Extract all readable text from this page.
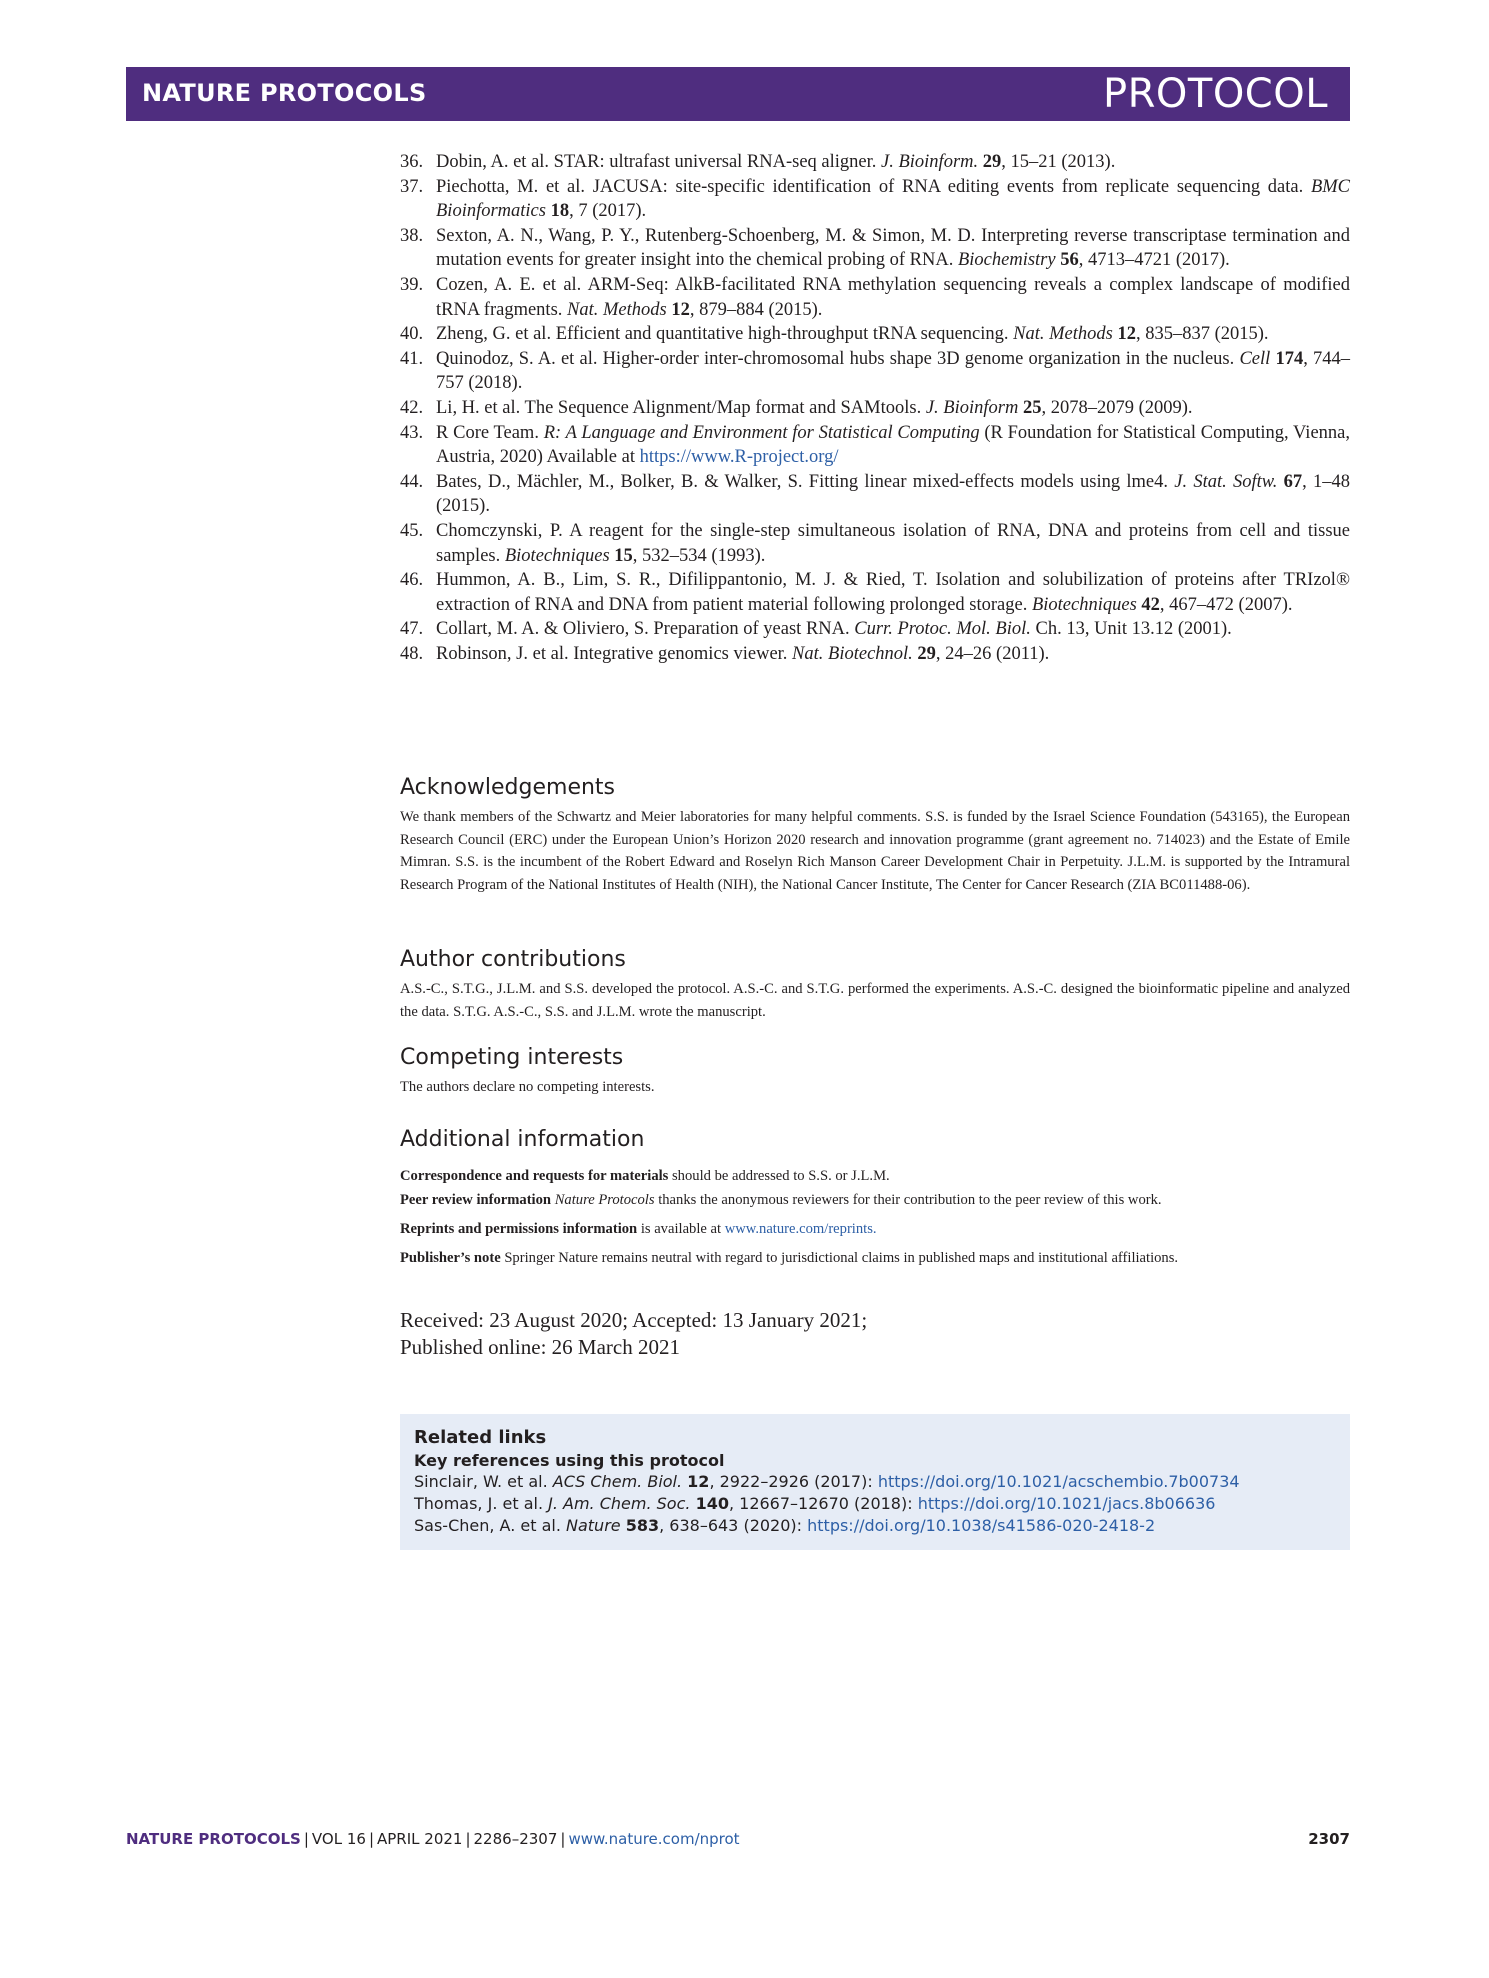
NATURE PROTOCOLS	PROTOCOL
36. Dobin, A. et al. STAR: ultrafast universal RNA-seq aligner. J. Bioinform. 29, 15–21 (2013).
37. Piechotta, M. et al. JACUSA: site-specific identification of RNA editing events from replicate sequencing data. BMC Bioinformatics 18, 7 (2017).
38. Sexton, A. N., Wang, P. Y., Rutenberg-Schoenberg, M. & Simon, M. D. Interpreting reverse transcriptase termination and mutation events for greater insight into the chemical probing of RNA. Biochemistry 56, 4713–4721 (2017).
39. Cozen, A. E. et al. ARM-Seq: AlkB-facilitated RNA methylation sequencing reveals a complex landscape of modified tRNA fragments. Nat. Methods 12, 879–884 (2015).
40. Zheng, G. et al. Efficient and quantitative high-throughput tRNA sequencing. Nat. Methods 12, 835–837 (2015).
41. Quinodoz, S. A. et al. Higher-order inter-chromosomal hubs shape 3D genome organization in the nucleus. Cell 174, 744–757 (2018).
42. Li, H. et al. The Sequence Alignment/Map format and SAMtools. J. Bioinform 25, 2078–2079 (2009).
43. R Core Team. R: A Language and Environment for Statistical Computing (R Foundation for Statistical Computing, Vienna, Austria, 2020) Available at https://www.R-project.org/
44. Bates, D., Mächler, M., Bolker, B. & Walker, S. Fitting linear mixed-effects models using lme4. J. Stat. Softw. 67, 1–48 (2015).
45. Chomczynski, P. A reagent for the single-step simultaneous isolation of RNA, DNA and proteins from cell and tissue samples. Biotechniques 15, 532–534 (1993).
46. Hummon, A. B., Lim, S. R., Difilippantonio, M. J. & Ried, T. Isolation and solubilization of proteins after TRIzol® extraction of RNA and DNA from patient material following prolonged storage. Biotechniques 42, 467–472 (2007).
47. Collart, M. A. & Oliviero, S. Preparation of yeast RNA. Curr. Protoc. Mol. Biol. Ch. 13, Unit 13.12 (2001).
48. Robinson, J. et al. Integrative genomics viewer. Nat. Biotechnol. 29, 24–26 (2011).
Acknowledgements
We thank members of the Schwartz and Meier laboratories for many helpful comments. S.S. is funded by the Israel Science Foundation (543165), the European Research Council (ERC) under the European Union’s Horizon 2020 research and innovation programme (grant agreement no. 714023) and the Estate of Emile Mimran. S.S. is the incumbent of the Robert Edward and Roselyn Rich Manson Career Development Chair in Perpetuity. J.L.M. is supported by the Intramural Research Program of the National Institutes of Health (NIH), the National Cancer Institute, The Center for Cancer Research (ZIA BC011488-06).
Author contributions
A.S.-C., S.T.G., J.L.M. and S.S. developed the protocol. A.S.-C. and S.T.G. performed the experiments. A.S.-C. designed the bioinformatic pipeline and analyzed the data. S.T.G. A.S.-C., S.S. and J.L.M. wrote the manuscript.
Competing interests
The authors declare no competing interests.
Additional information

Correspondence and requests for materials should be addressed to S.S. or J.L.M.

Peer review information Nature Protocols thanks the anonymous reviewers for their contribution to the peer review of this work.

Reprints and permissions information is available at www.nature.com/reprints.

Publisher’s note Springer Nature remains neutral with regard to jurisdictional claims in published maps and institutional affiliations.

Received: 23 August 2020; Accepted: 13 January 2021;
Published online: 26 March 2021
Related links
Key references using this protocol
Sinclair, W. et al. ACS Chem. Biol. 12, 2922–2926 (2017): https://doi.org/10.1021/acschembio.7b00734
Thomas, J. et al. J. Am. Chem. Soc. 140, 12667–12670 (2018): https://doi.org/10.1021/jacs.8b06636
Sas-Chen, A. et al. Nature 583, 638–643 (2020): https://doi.org/10.1038/s41586-020-2418-2
NATURE PROTOCOLS | VOL 16 | APRIL 2021 | 2286–2307 | www.nature.com/nprot	2307
